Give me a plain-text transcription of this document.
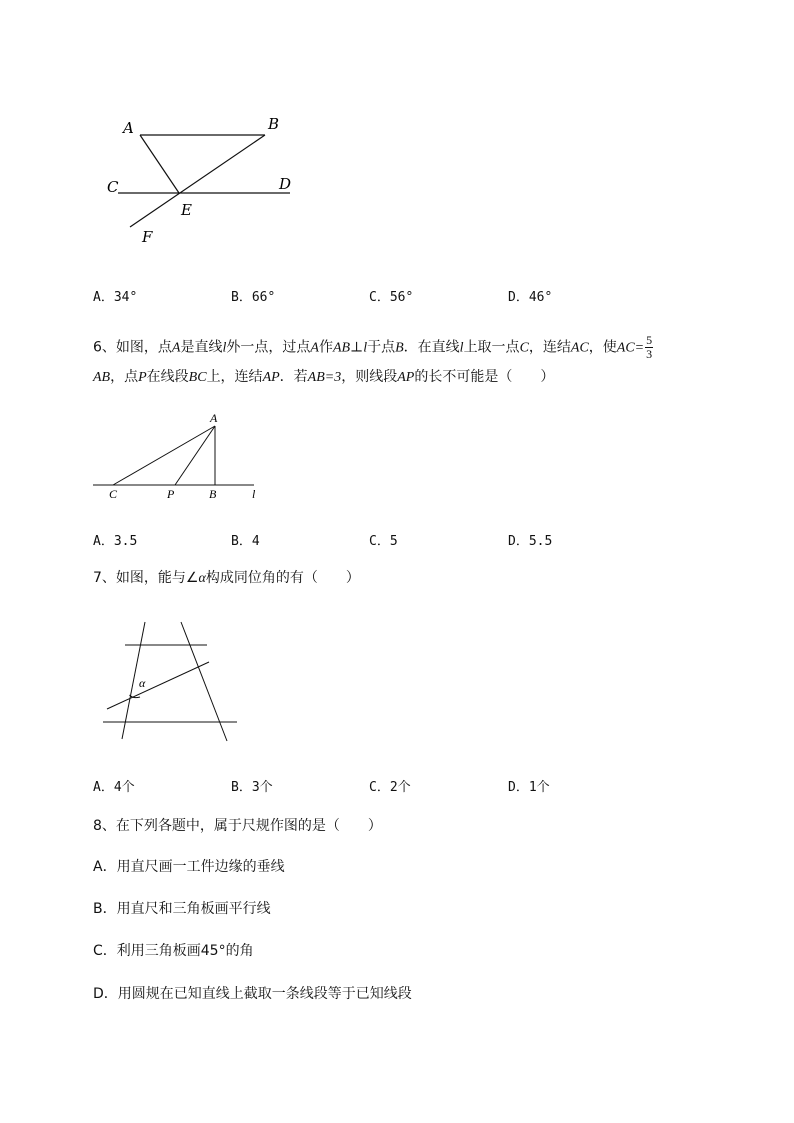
A	B
C	D
E
F
A．34°	B．66°	C．56°	D．46°
6、如图，点A是直线l外一点，过点A作AB⊥l于点B．在直线l上取一点C，连结AC，使$AC= \frac{5}{3}$
AB，点P在线段BC上，连结AP．若AB=3，则线段AP的长不可能是（　　）
A
C	P	B	l
A．3.5	B．4	C．5	D．5.5
7、如图，能与∠α构成同位角的有（　　）
α
A．4个	B．3个	C．2个	D．1个
8、在下列各题中，属于尺规作图的是（　　）
A．用直尺画一工件边缘的垂线
B．用直尺和三角板画平行线
C．利用三角板画45°的角
D．用圆规在已知直线上截取一条线段等于已知线段
